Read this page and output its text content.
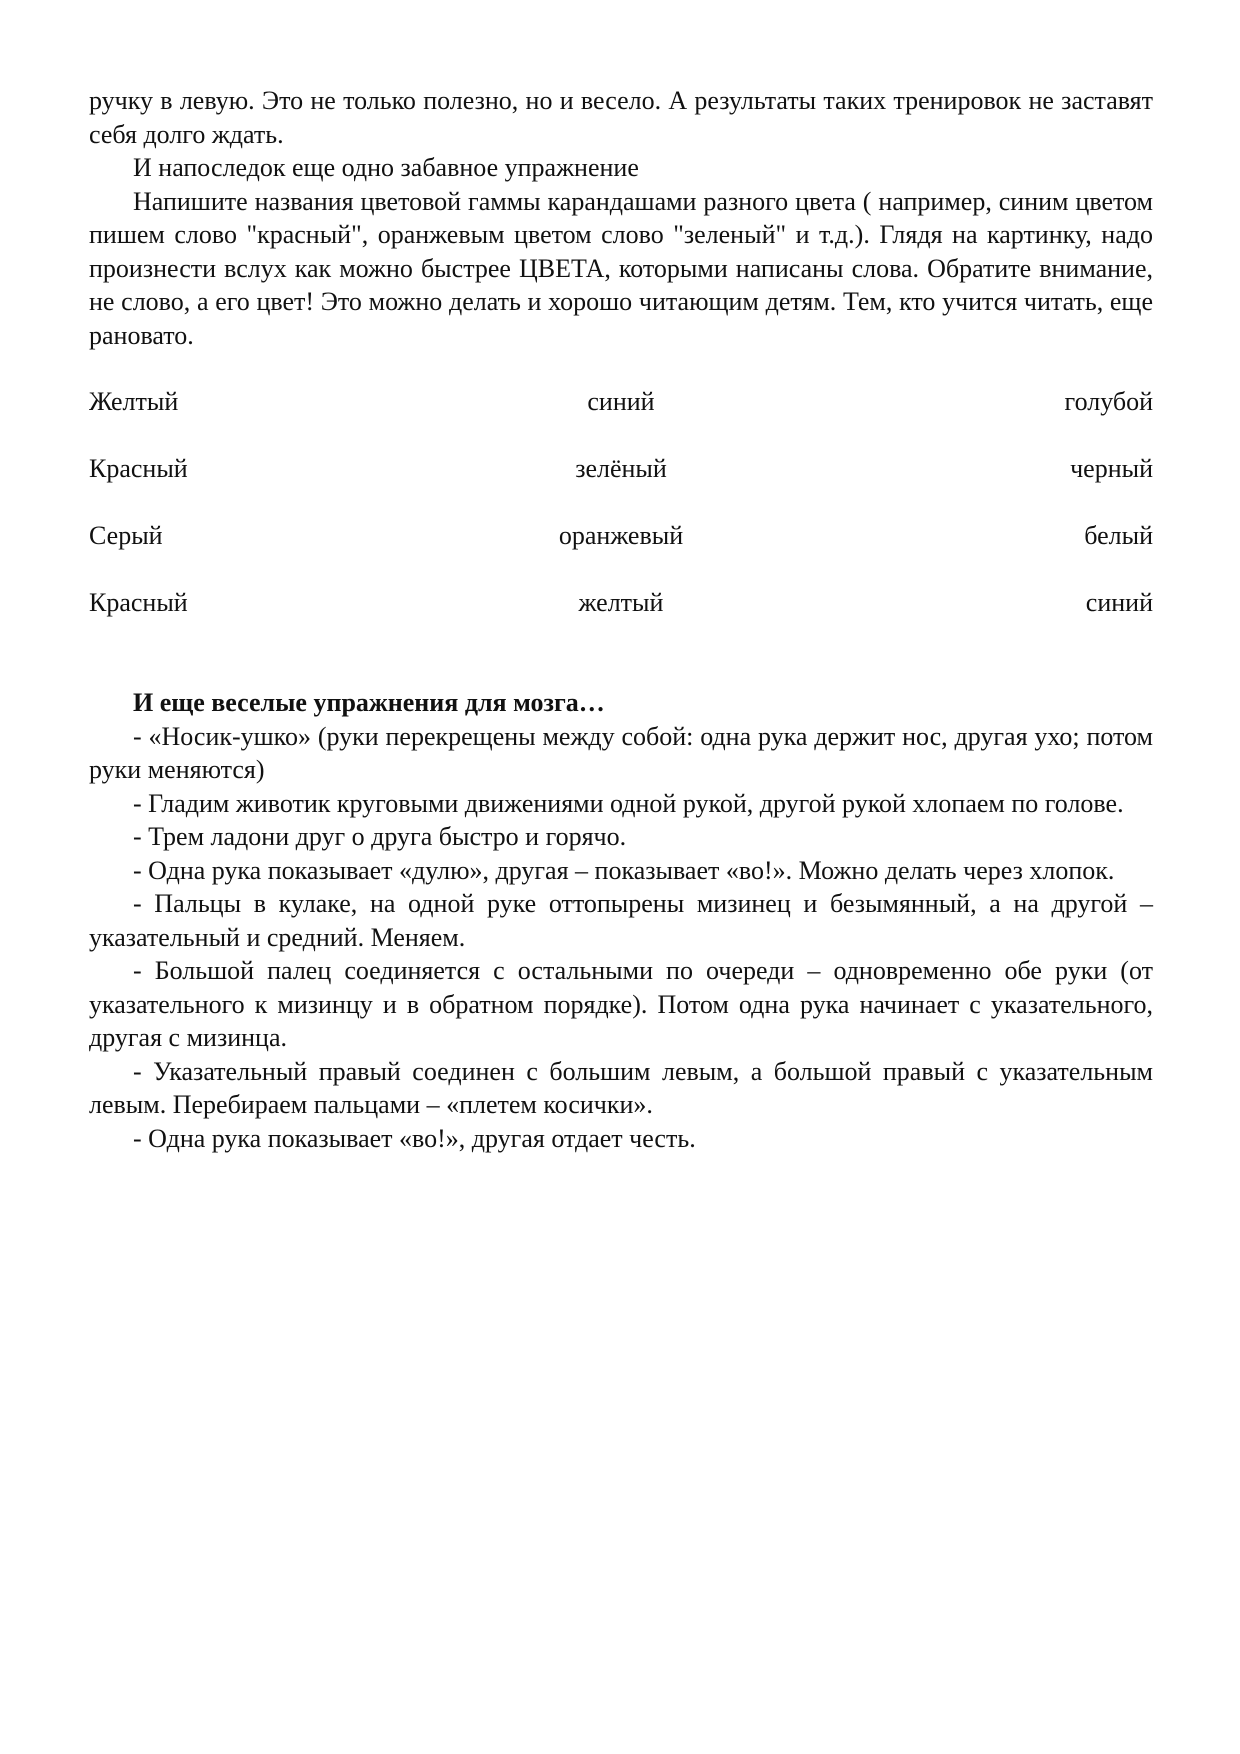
ручку в левую. Это не только полезно, но и весело. А результаты таких тренировок не заставят себя долго ждать.

И напоследок еще одно забавное упражнение

Напишите названия цветовой гаммы карандашами разного цвета ( например, синим цветом пишем слово "красный", оранжевым цветом слово "зеленый" и т.д.). Глядя на картинку, надо произнести вслух как можно быстрее ЦВЕТА, которыми написаны слова. Обратите внимание, не слово, а его цвет! Это можно делать и хорошо читающим детям. Тем, кто учится читать, еще рановато.

Желтый	синий	голубой
Красный	зелёный	черный
Серый	оранжевый	белый
Красный	желтый	синий

И еще веселые упражнения для мозга…

- «Носик-ушко» (руки перекрещены между собой: одна рука держит нос, другая ухо; потом руки меняются)

- Гладим животик круговыми движениями одной рукой, другой рукой хлопаем по голове.

- Трем ладони друг о друга быстро и горячо.

- Одна рука показывает «дулю», другая – показывает «во!». Можно делать через хлопок.

- Пальцы в кулаке, на одной руке оттопырены мизинец и безымянный, а на другой – указательный и средний. Меняем.

- Большой палец соединяется с остальными по очереди – одновременно обе руки (от указательного к мизинцу и в обратном порядке). Потом одна рука начинает с указательного, другая с мизинца.

- Указательный правый соединен с большим левым, а большой правый с указательным левым. Перебираем пальцами – «плетем косички».

- Одна рука показывает «во!», другая отдает честь.
